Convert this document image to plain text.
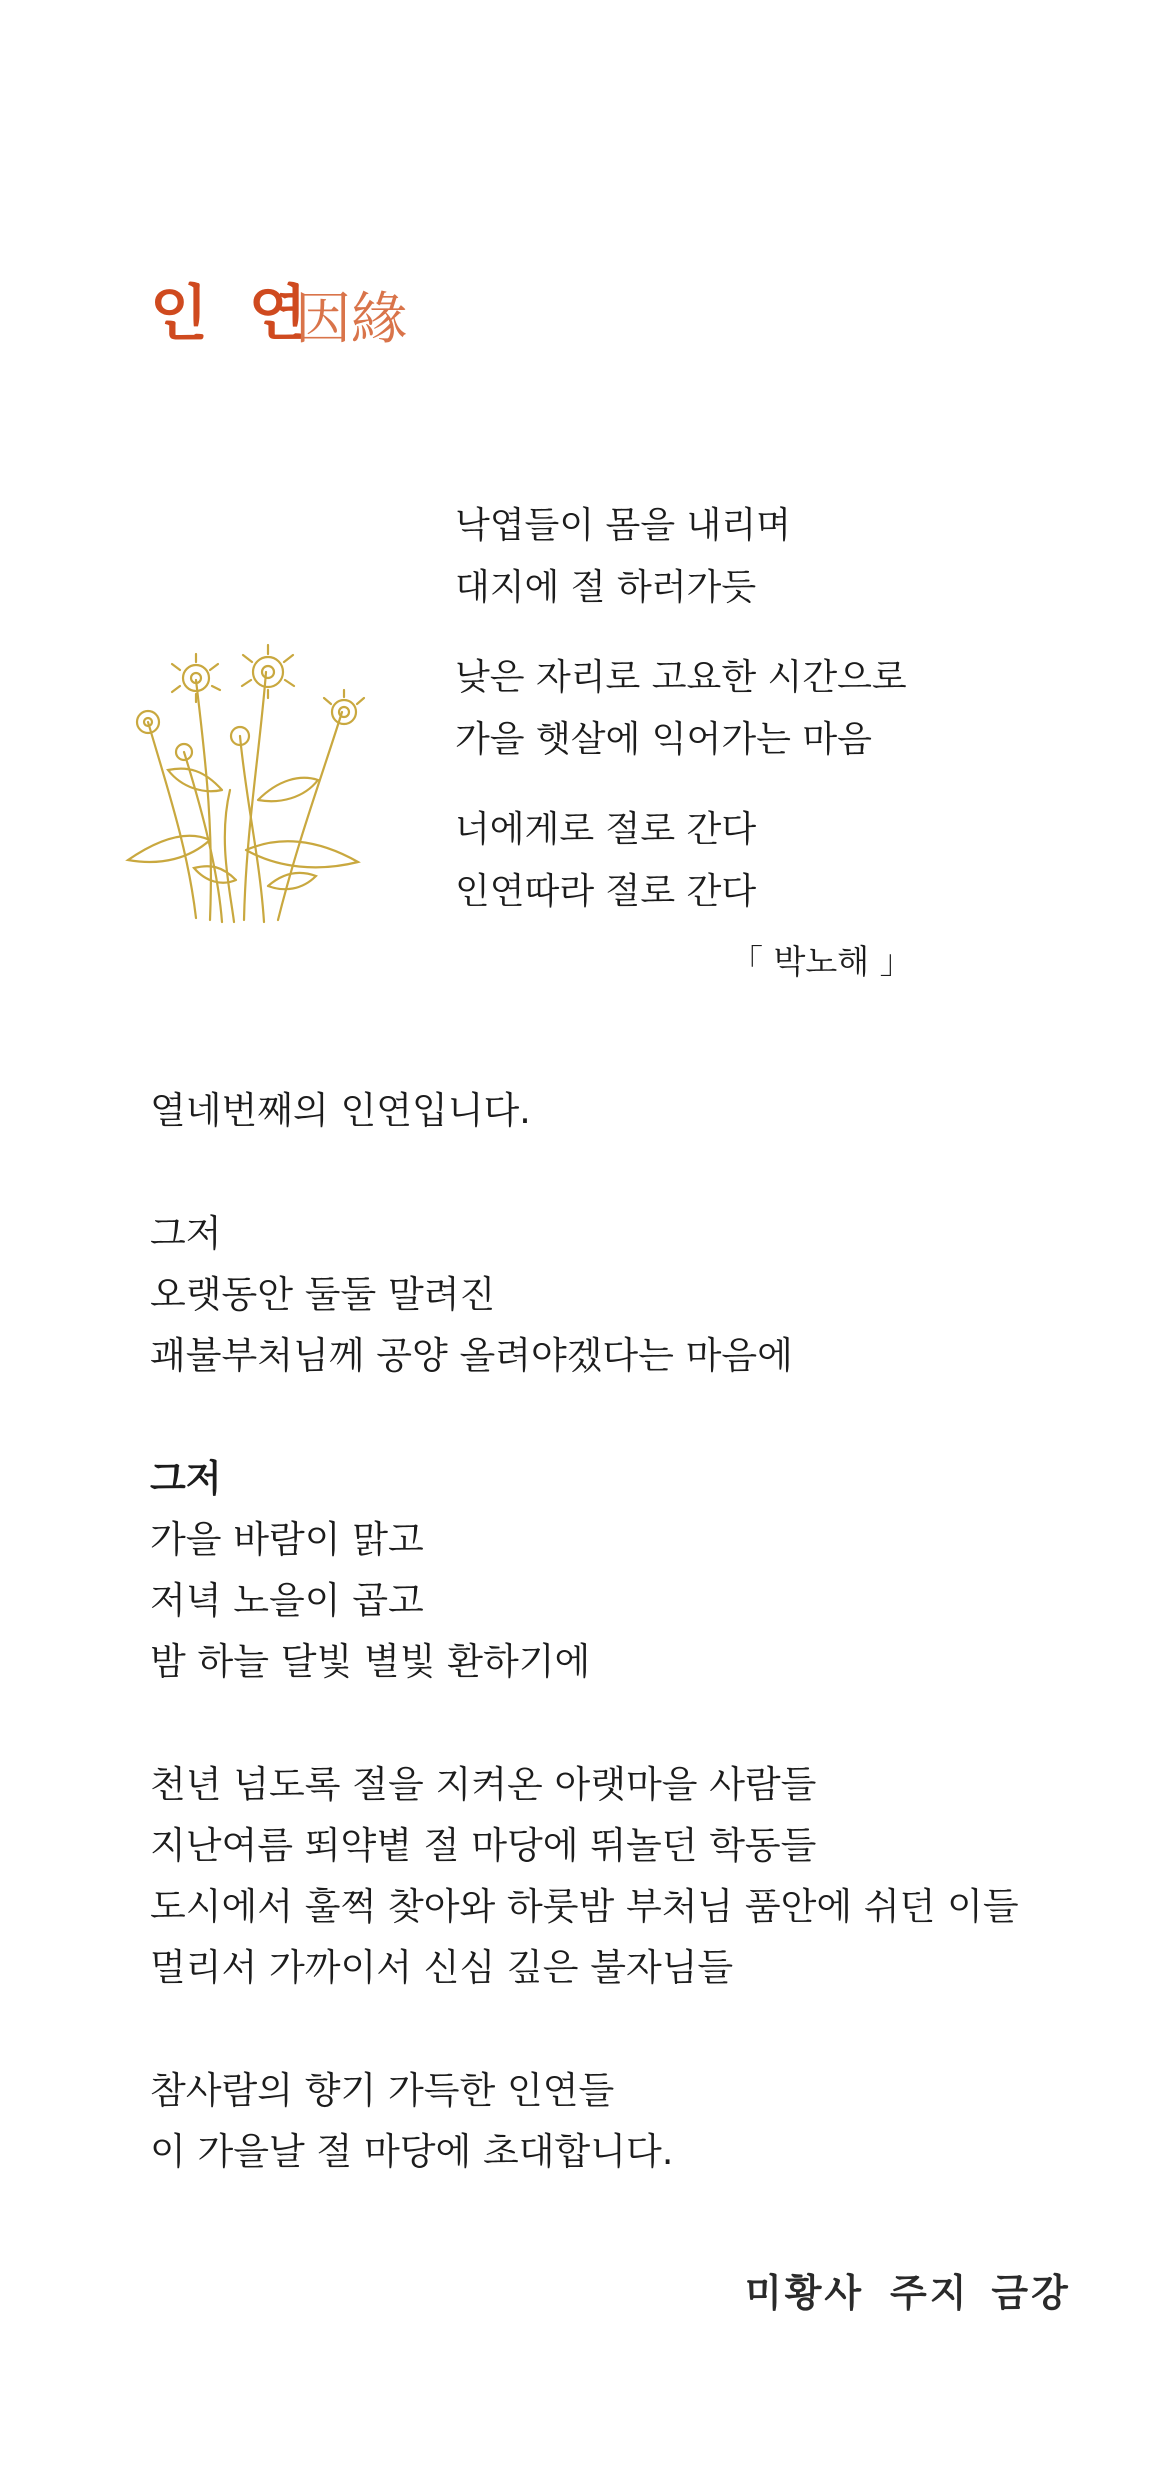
인 연
因緣
낙엽들이 몸을 내리며
대지에 절 하러가듯
낮은 자리로 고요한 시간으로
가을 햇살에 익어가는 마음
너에게로 절로 간다
인연따라 절로 간다
「 박노해 」
열네번째의 인연입니다.
그저
오랫동안 둘둘 말려진
괘불부처님께 공양 올려야겠다는 마음에
그저
가을 바람이 맑고
저녁 노을이 곱고
밤 하늘 달빛 별빛 환하기에
천년 넘도록 절을 지켜온 아랫마을 사람들
지난여름 뙤약볕 절 마당에 뛰놀던 학동들
도시에서 훌쩍 찾아와 하룻밤 부처님 품안에 쉬던 이들
멀리서 가까이서 신심 깊은 불자님들
참사람의 향기 가득한 인연들
이 가을날 절 마당에 초대합니다.
미황사 주지 금강
